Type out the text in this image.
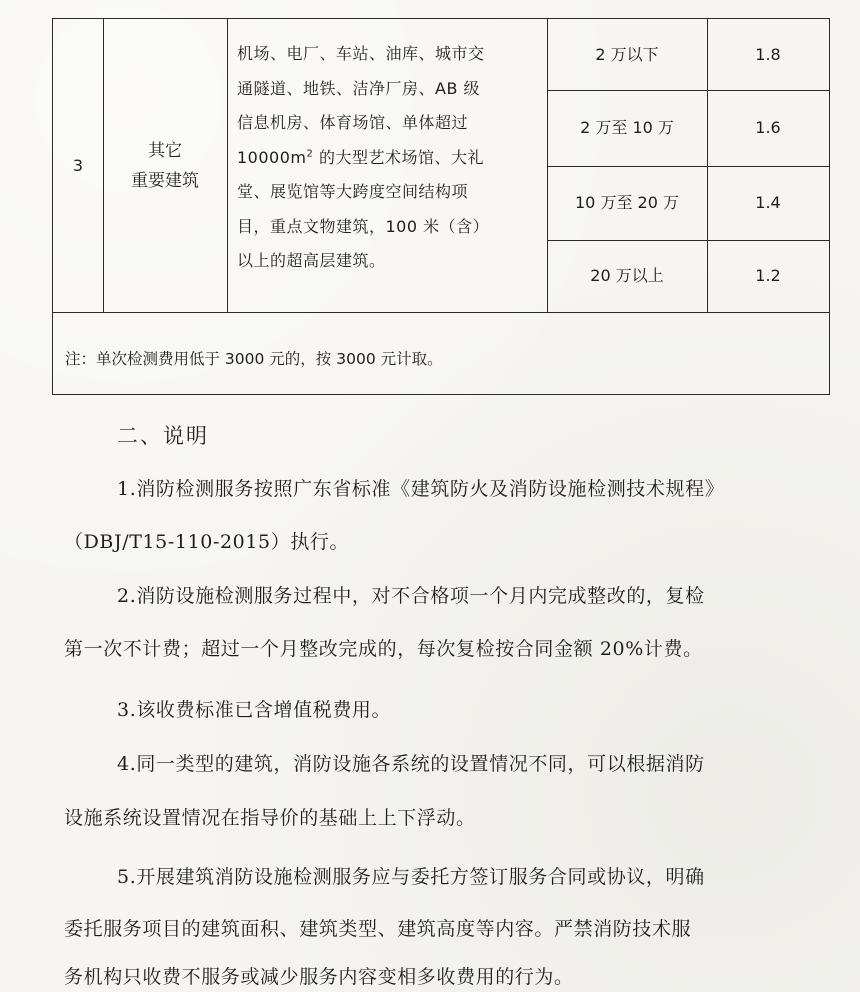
3
其它
重要建筑
机场、电厂、车站、油库、城市交
通隧道、地铁、洁净厂房、AB 级
信息机房、体育场馆、单体超过
$10000m^2$ 的大型艺术场馆、大礼
堂、展览馆等大跨度空间结构项
目，重点文物建筑，100 米（含）
以上的超高层建筑。
2 万以下
2 万至 10 万
10 万至 20 万
20 万以上
1.8
1.6
1.4
1.2
注：单次检测费用低于 3000 元的，按 3000 元计取。
二、说明
1.消防检测服务按照广东省标准《建筑防火及消防设施检测技术规程》
（DBJ/T15-110-2015）执行。
2.消防设施检测服务过程中，对不合格项一个月内完成整改的，复检
第一次不计费；超过一个月整改完成的，每次复检按合同金额 20%计费。
3.该收费标准已含增值税费用。
4.同一类型的建筑，消防设施各系统的设置情况不同，可以根据消防
设施系统设置情况在指导价的基础上上下浮动。
5.开展建筑消防设施检测服务应与委托方签订服务合同或协议，明确
委托服务项目的建筑面积、建筑类型、建筑高度等内容。严禁消防技术服
务机构只收费不服务或减少服务内容变相多收费用的行为。
